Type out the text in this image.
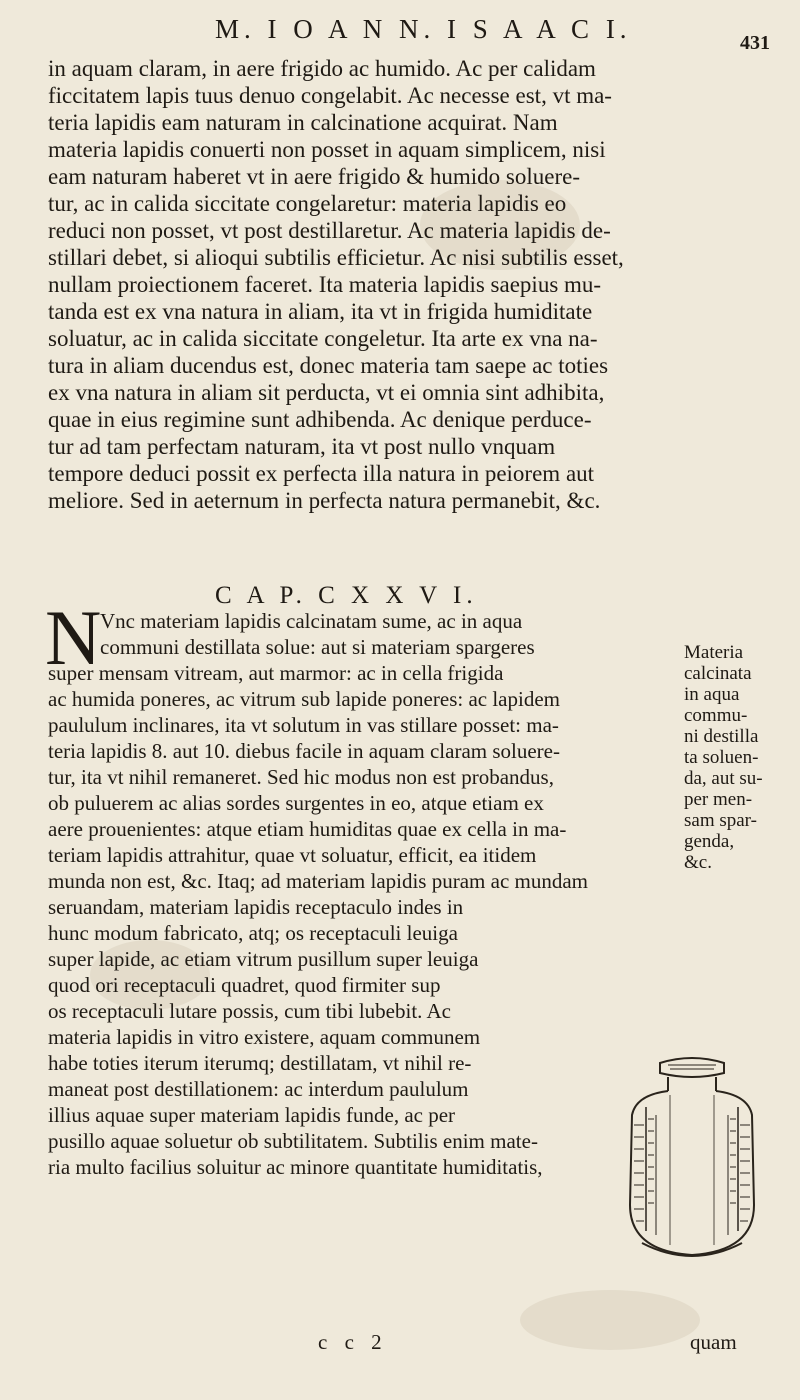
M. I O A N N. I S A A C I.	431
in aquam claram, in aere frigido ac humido. Ac per calidam
ficcitatem lapis tuus denuo congelabit. Ac necesse est, vt ma-
teria lapidis eam naturam in calcinatione acquirat. Nam
materia lapidis conuerti non posset in aquam simplicem, nisi
eam naturam haberet vt in aere frigido & humido soluere-
tur, ac in calida siccitate congelaretur: materia lapidis eo
reduci non posset, vt post destillaretur. Ac materia lapidis de-
stillari debet, si alioqui subtilis efficietur. Ac nisi subtilis esset,
nullam proiectionem faceret. Ita materia lapidis saepius mu-
tanda est ex vna natura in aliam, ita vt in frigida humiditate
soluatur, ac in calida siccitate congeletur. Ita arte ex vna na-
tura in aliam ducendus est, donec materia tam saepe ac toties
ex vna natura in aliam sit perducta, vt ei omnia sint adhibita,
quae in eius regimine sunt adhibenda. Ac denique perduce-
tur ad tam perfectam naturam, ita vt post nullo vnquam
tempore deduci possit ex perfecta illa natura in peiorem aut
meliore. Sed in aeternum in perfecta natura permanebit, &c.
C A P. C X X V I.
N
Vnc materiam lapidis calcinatam sume, ac in aqua
communi destillata solue: aut si materiam spargeres
super mensam vitream, aut marmor: ac in cella frigida
ac humida poneres, ac vitrum sub lapide poneres: ac lapidem
paululum inclinares, ita vt solutum in vas stillare posset: ma-
teria lapidis 8. aut 10. diebus facile in aquam claram soluere-
tur, ita vt nihil remaneret. Sed hic modus non est probandus,
ob puluerem ac alias sordes surgentes in eo, atque etiam ex
aere prouenientes: atque etiam humiditas quae ex cella in ma-
teriam lapidis attrahitur, quae vt soluatur, efficit, ea itidem
munda non est, &c. Itaq; ad materiam lapidis puram ac mundam
seruandam, materiam lapidis receptaculo indes in
hunc modum fabricato, atq; os receptaculi leuiga
super lapide, ac etiam vitrum pusillum super leuiga
quod ori receptaculi quadret, quod firmiter sup
os receptaculi lutare possis, cum tibi lubebit. Ac
materia lapidis in vitro existere, aquam communem
habe toties iterum iterumq; destillatam, vt nihil re-
maneat post destillationem: ac interdum paululum
illius aquae super materiam lapidis funde, ac per
pusillo aquae soluetur ob subtilitatem. Subtilis enim mate-
ria multo facilius soluitur ac minore quantitate humiditatis,
Materia
calcinata
in aqua
commu-
ni destilla
ta soluen-
da, aut su-
per men-
sam spar-
genda,
&c.
c c 2	quam
